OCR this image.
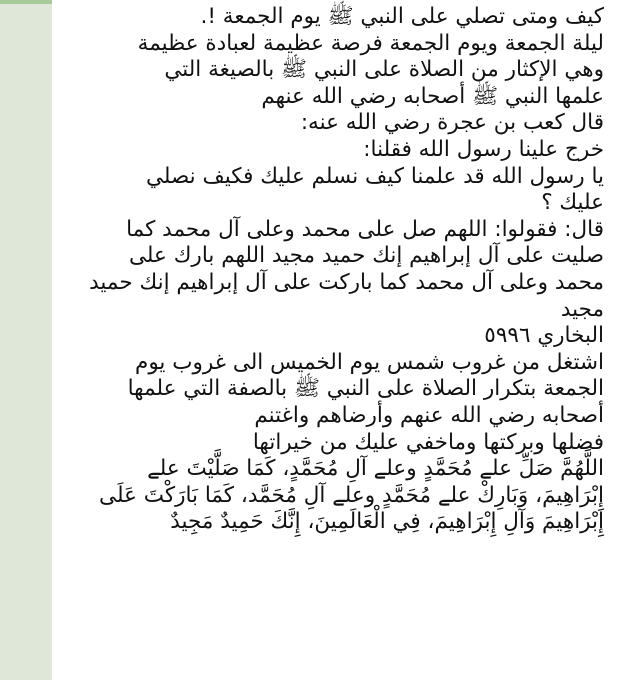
كيف ومتى تصلي على النبي ﷺ يوم الجمعة !.
ليلة الجمعة ويوم الجمعة فرصة عظيمة لعبادة عظيمة
وهي الإكثار من الصلاة على النبي ﷺ بالصيغة التي
علمها النبي ﷺ أصحابه رضي الله عنهم
قال كعب بن عجرة رضي الله عنه:
خرج علينا رسول الله فقلنا:
يا رسول الله قد علمنا كيف نسلم عليك فكيف نصلي
عليك ؟
قال: فقولوا: اللهم صل على محمد وعلى آل محمد كما
صليت على آل إبراهيم إنك حميد مجيد اللهم بارك على
محمد وعلى آل محمد كما باركت على آل إبراهيم إنك حميد
مجيد
البخاري ٥٩٩٦
اشتغل من غروب شمس يوم الخميس الى غروب يوم
الجمعة بتكرار الصلاة على النبي ﷺ بالصفة التي علمها
أصحابه رضي الله عنهم وأرضاهم واغتنم
فضلها وبركتها وماخفي عليك من خيراتها
اللَّهُمَّ صَلِّ علے مُحَمَّدٍ وعلے آلِ مُحَمَّدٍ، كَمَا صَلَّيْتَ علے
إِبْرَاهِيمَ، وَبَارِكْ علے مُحَمَّدٍ وعلے آلِ مُحَمَّد، كَمَا بَارَكْتَ عَلَى
إِبْرَاهِيمَ وَآلِ إِبْرَاهِيمَ، فِي الْعَالَمِينَ، إِنَّكَ حَمِيدٌ مَجِيدٌ
